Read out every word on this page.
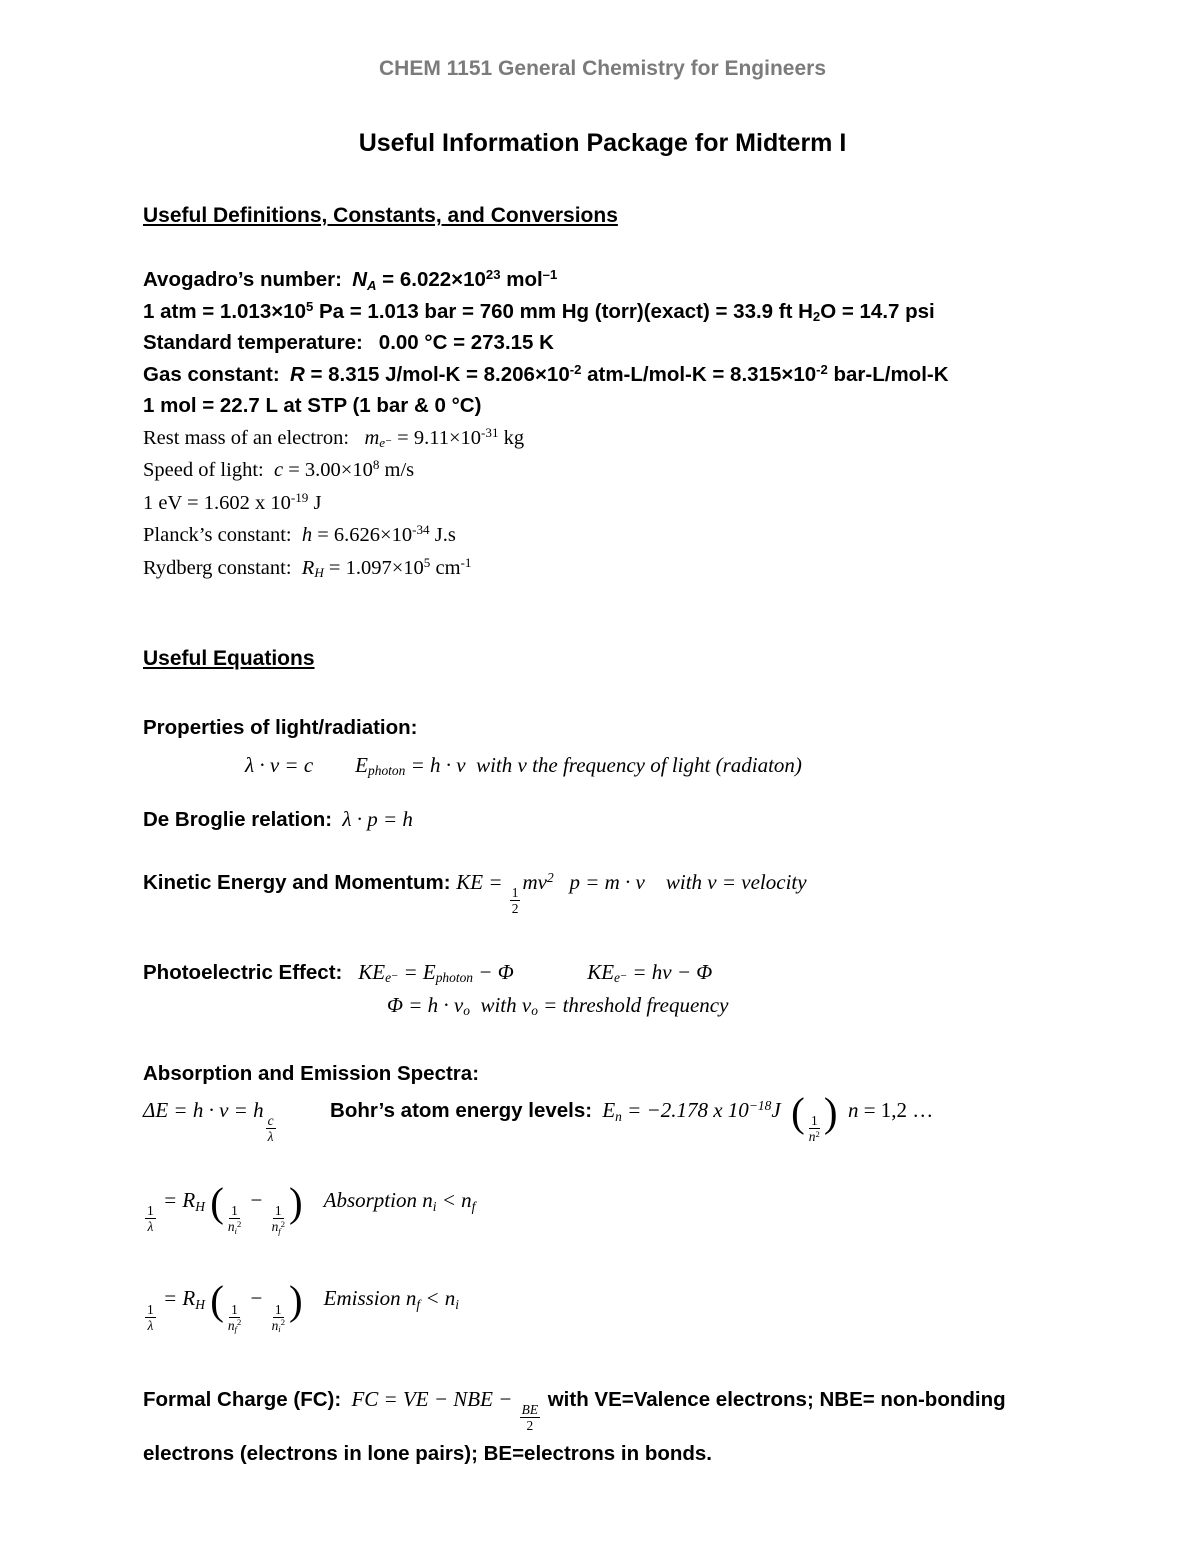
CHEM 1151 General Chemistry for Engineers
Useful Information Package for Midterm I
Useful Definitions, Constants, and Conversions

Avogadro’s number: $N_A = 6.022\times 10^{23}$ mol$^{-1}$

1 atm = $1.013\times 10^5$ Pa = 1.013 bar = 760 mm Hg (torr)(exact) = 33.9 ft $H_2O = 14.7$ psi

Standard temperature:  0.00 °C = 273.15 K

Gas constant: R = 8.315 $J/mol-K = 8.206\times 10^{-2}$ $atm-L/mol-K = 8.315\times 10^{-2}$ bar-L/mol-K

1 mol = 22.7 L at STP (1 bar & 0 °C)

Rest mass of an electron:  $m_{e^-} = 9.11\times 10^{-31}$ kg

Speed of light: $c = 3.00\times 10^8$ m/s

1 eV = 1.602 x $10^{-19}$ J

Planck’s constant: $h = 6.626\times 10^{-34}$ J.s

Rydberg constant: $R_H = 1.097\times 10^5$ $cm^{-1}$

Useful Equations

Properties of light/radiation:

λ · ν = c   $E_{photon} = h \cdot \nu$ with ν the frequency of light (radiaton)

De Broglie relation: λ · p = h

Kinetic Energy and Momentum: KE =
$\frac{1}{2}$
$mv^2$  p = m · v   with v = velocity

Photoelectric Effect:  $KE_{e^-} = E_{photon} - \Phi$    	$KE_{e^-} = h\nu - \Phi$

$\Phi = h \cdot \nu_o$ with $\nu_o$ = threshold frequency

Absorption and Emission Spectra:

ΔE = h · ν = h
$\frac{c}{\lambda}$
   Bohr’s atom energy levels: $E_n = -2.178$ x $10^{-18}J$  ( $\frac{1}{n^2}$ )  n = 1,2 …

$\frac{1}{\lambda}$
= $R_H$ ( $\frac{1}{n_i^2}$
−
$\frac{1}{n_f^2}$ )  Absorption $n_i < n_f$

$\frac{1}{\lambda}$
= $R_H$ ( $\frac{1}{n_f^2}$
−
$\frac{1}{n_i^2}$ )  Emission $n_f < n_i$

Formal Charge (FC): FC = VE − NBE −
$\frac{BE}{2}$
with VE=Valence electrons; NBE= non-bonding electrons (electrons in lone pairs); BE=electrons in bonds.
